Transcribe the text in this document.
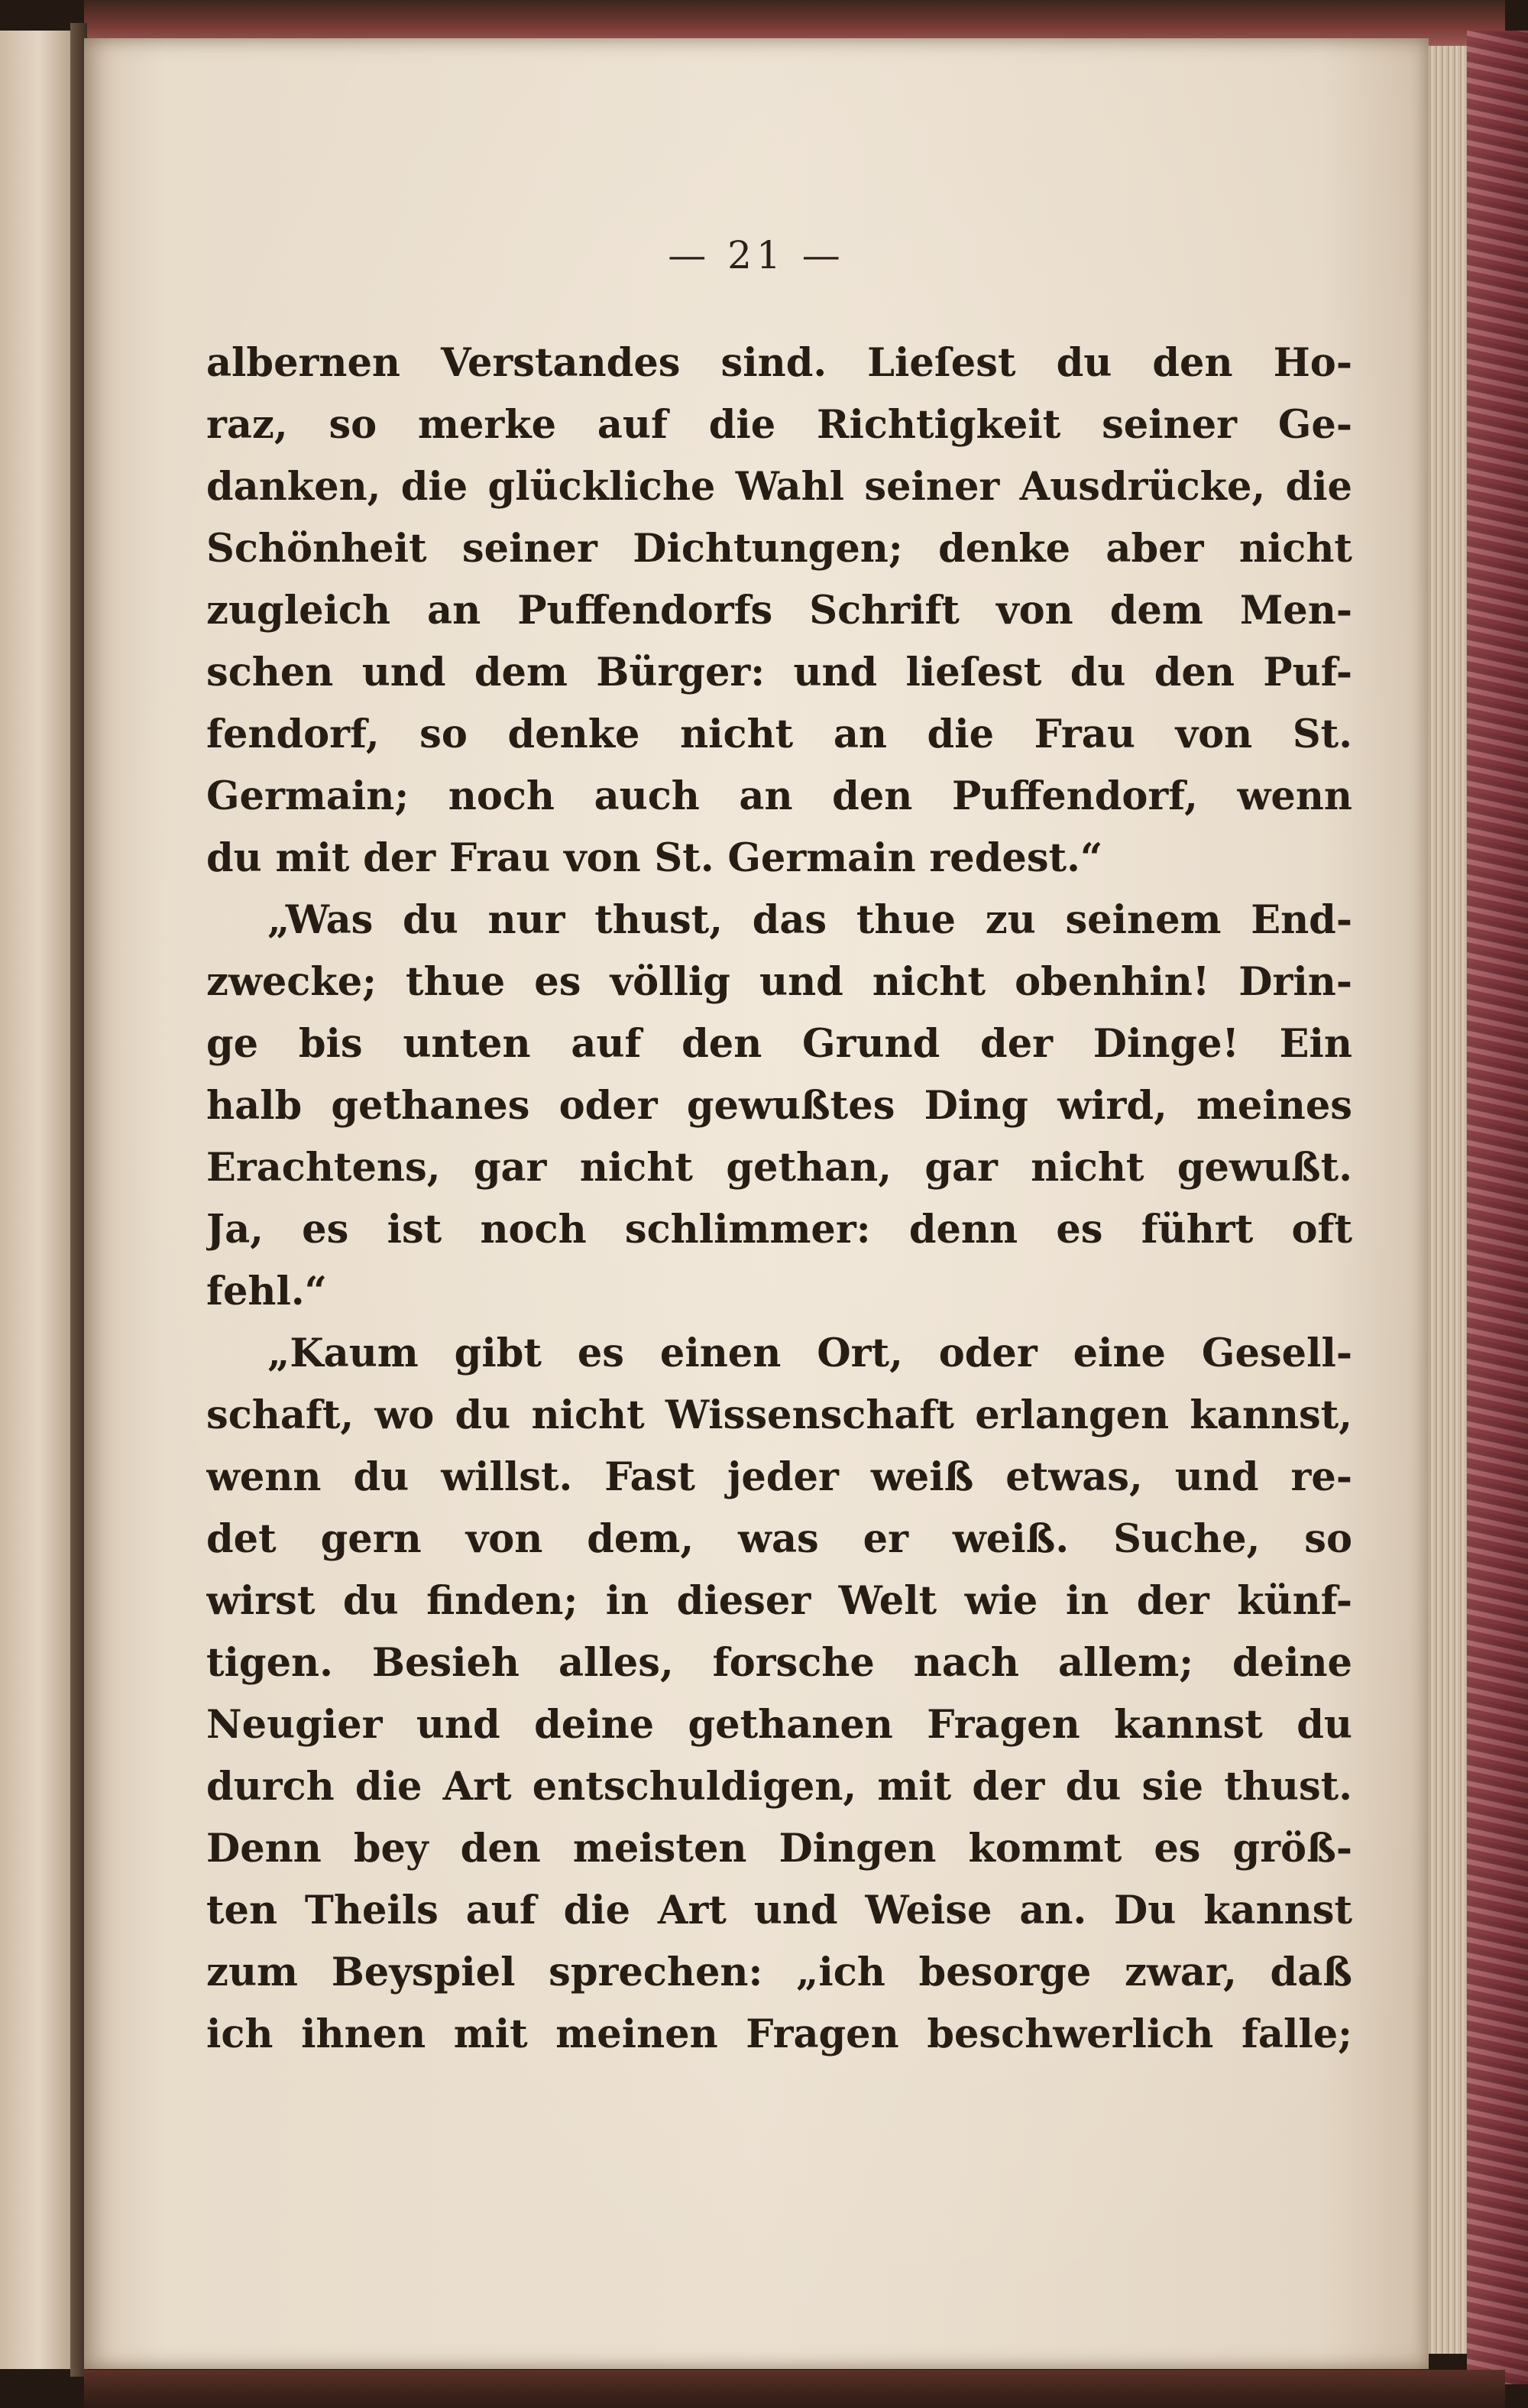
— 21 —
albernen Verstandes sind. Lieſest du den Ho-
raz, so merke auf die Richtigkeit seiner Ge-
danken, die glückliche Wahl seiner Ausdrücke, die
Schönheit seiner Dichtungen; denke aber nicht
zugleich an Puffendorfs Schrift von dem Men-
schen und dem Bürger: und lieſest du den Puf-
fendorf, so denke nicht an die Frau von St.
Germain; noch auch an den Puffendorf, wenn
du mit der Frau von St. Germain redest.“
„Was du nur thust, das thue zu seinem End-
zwecke; thue es völlig und nicht obenhin! Drin-
ge bis unten auf den Grund der Dinge! Ein
halb gethanes oder gewußtes Ding wird, meines
Erachtens, gar nicht gethan, gar nicht gewußt.
Ja, es ist noch schlimmer: denn es führt oft
fehl.“
„Kaum gibt es einen Ort, oder eine Gesell-
schaft, wo du nicht Wissenschaft erlangen kannst,
wenn du willst. Fast jeder weiß etwas, und re-
det gern von dem, was er weiß. Suche, so
wirst du finden; in dieser Welt wie in der künf-
tigen. Besieh alles, forsche nach allem; deine
Neugier und deine gethanen Fragen kannst du
durch die Art entschuldigen, mit der du sie thust.
Denn bey den meisten Dingen kommt es größ-
ten Theils auf die Art und Weise an. Du kannst
zum Beyspiel sprechen: „ich besorge zwar, daß
ich ihnen mit meinen Fragen beschwerlich falle;
